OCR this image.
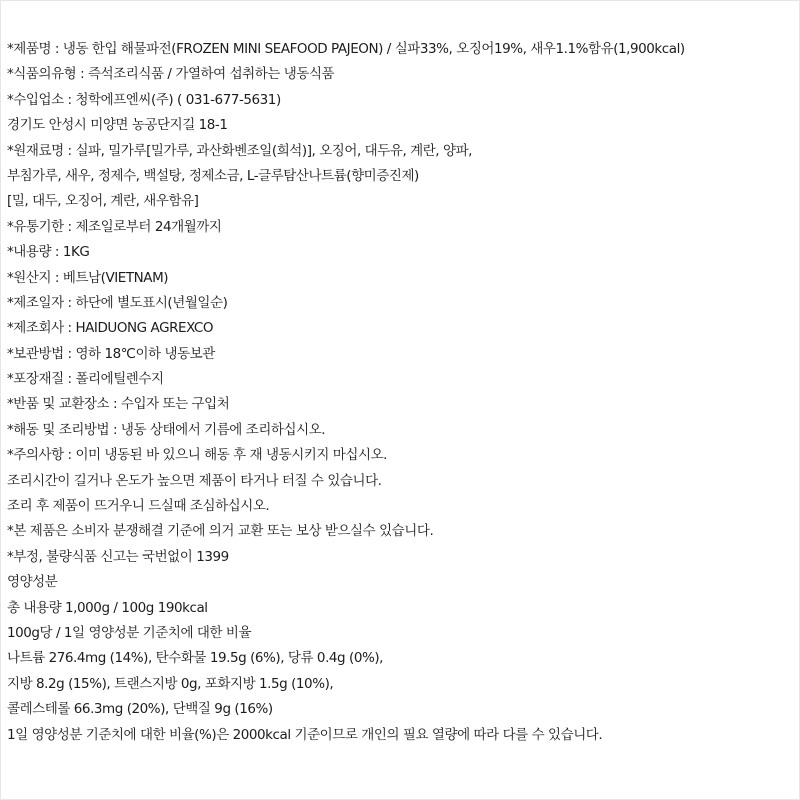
*제품명 : 냉동 한입 해물파전(FROZEN MINI SEAFOOD PAJEON) / 실파33%, 오징어19%, 새우1.1%함유(1,900kcal)
*식품의유형 : 즉석조리식품 / 가열하여 섭취하는 냉동식품
*수입업소 : 청학에프엔씨(주) ( 031-677-5631)
경기도 안성시 미양면 농공단지길 18-1
*원재료명 : 실파, 밀가루[밀가루, 과산화벤조일(희석)], 오징어, 대두유, 계란, 양파,
부침가루, 새우, 정제수, 백설탕, 정제소금, L-글루탐산나트륨(향미증진제)
[밀, 대두, 오징어, 계란, 새우함유]
*유통기한 : 제조일로부터 24개월까지
*내용량 : 1KG
*원산지 : 베트남(VIETNAM)
*제조일자 : 하단에 별도표시(년월일순)
*제조회사 : HAIDUONG AGREXCO
*보관방법 : 영하 18℃이하 냉동보관
*포장재질 : 폴리에틸렌수지
*반품 및 교환장소 : 수입자 또는 구입처
*해동 및 조리방법 : 냉동 상태에서 기름에 조리하십시오.
*주의사항 : 이미 냉동된 바 있으니 해동 후 재 냉동시키지 마십시오.
조리시간이 길거나 온도가 높으면 제품이 타거나 터질 수 있습니다.
조리 후 제품이 뜨거우니 드실때 조심하십시오.
*본 제품은 소비자 분쟁해결 기준에 의거 교환 또는 보상 받으실수 있습니다.
*부정, 불량식품 신고는 국번없이 1399
영양성분
총 내용량 1,000g / 100g 190kcal
100g당 / 1일 영양성분 기준치에 대한 비율
나트륨 276.4mg (14%), 탄수화물 19.5g (6%), 당류 0.4g (0%),
지방 8.2g (15%), 트랜스지방 0g, 포화지방 1.5g (10%),
콜레스테롤 66.3mg (20%), 단백질 9g (16%)
1일 영양성분 기준치에 대한 비율(%)은 2000kcal 기준이므로 개인의 필요 열량에 따라 다를 수 있습니다.
